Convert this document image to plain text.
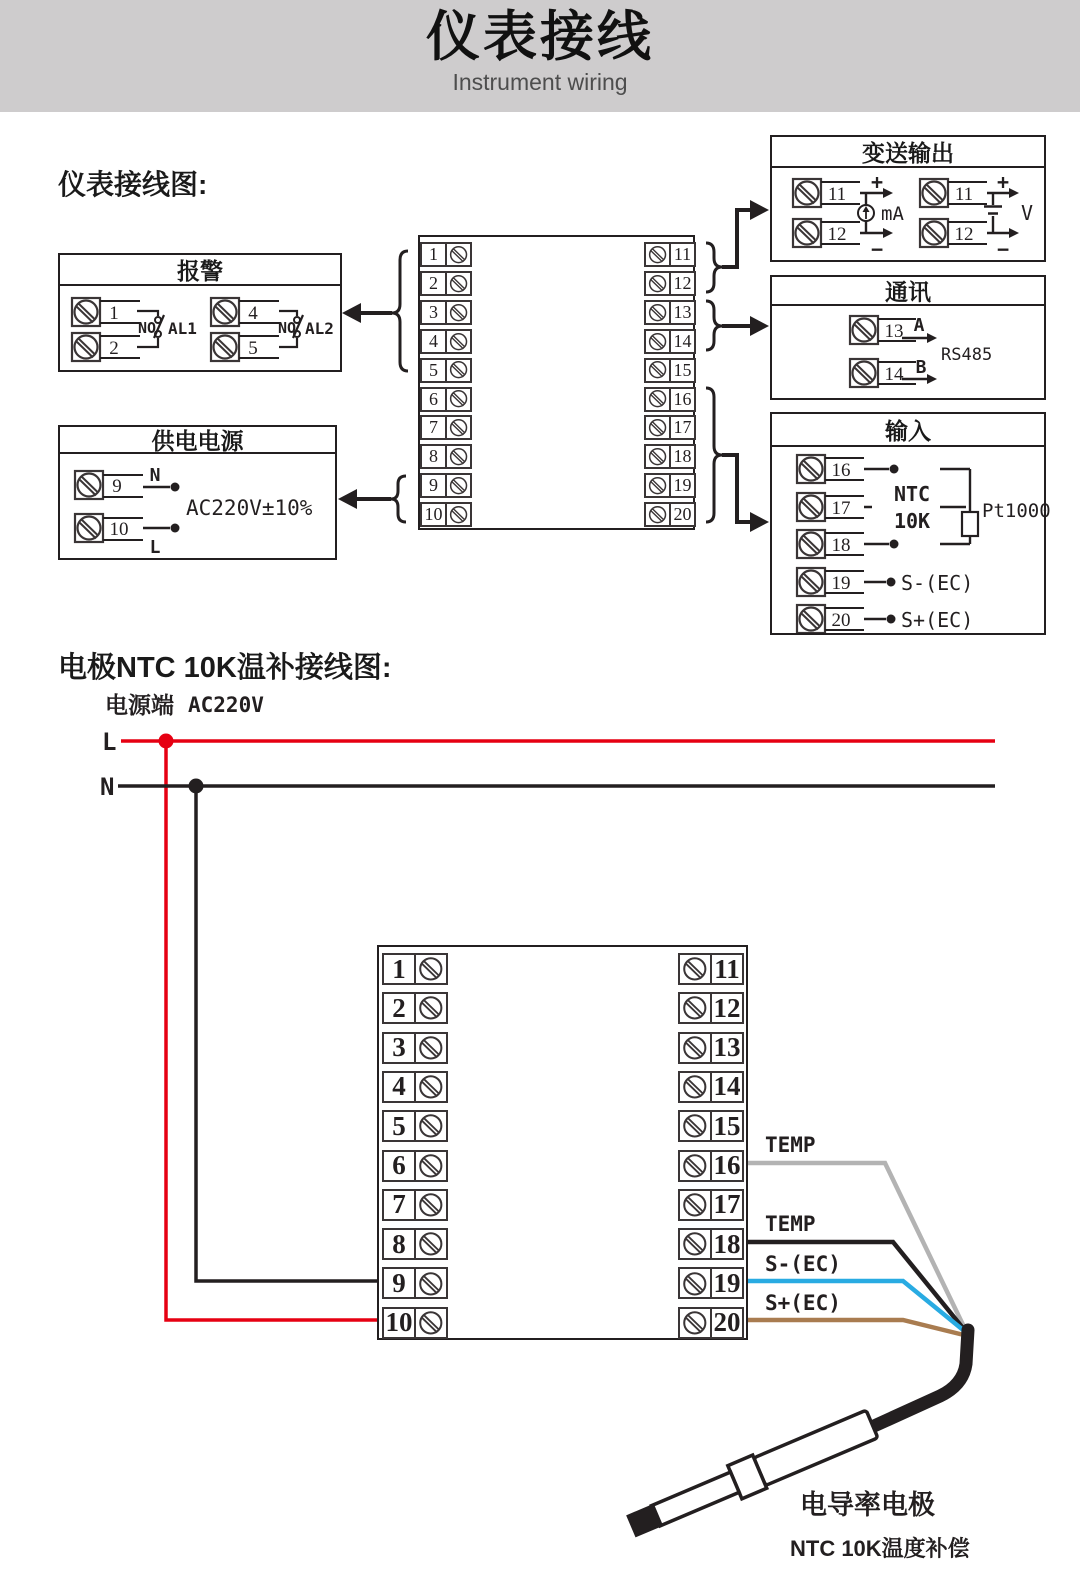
仪表接线
Instrument wiring
1
2
4
5
NO AL1	NO AL2
9
10
N
L
AC220V±10%
11
12
+
−
mA
11
12
+
−
V
13
14
A
B
RS485
16
17
18
19
20
NTC
10K	Pt1000
S-(EC)
S+(EC)
电源端 AC220V
L
N
TEMP
TEMP
S-(EC)
S+(EC)
电导率电极
NTC 10K温度补偿
仪表接线图:
报警
供电电源
变送输出
通讯
输入
1
2
3
4
5
6
7
8
9
10
11
12
13
14
15
16
17
18
19
20
电极NTC 10K温补接线图:
1
2
3
4
5
6
7
8
9
10
11
12
13
14
15
16
17
18
19
20
